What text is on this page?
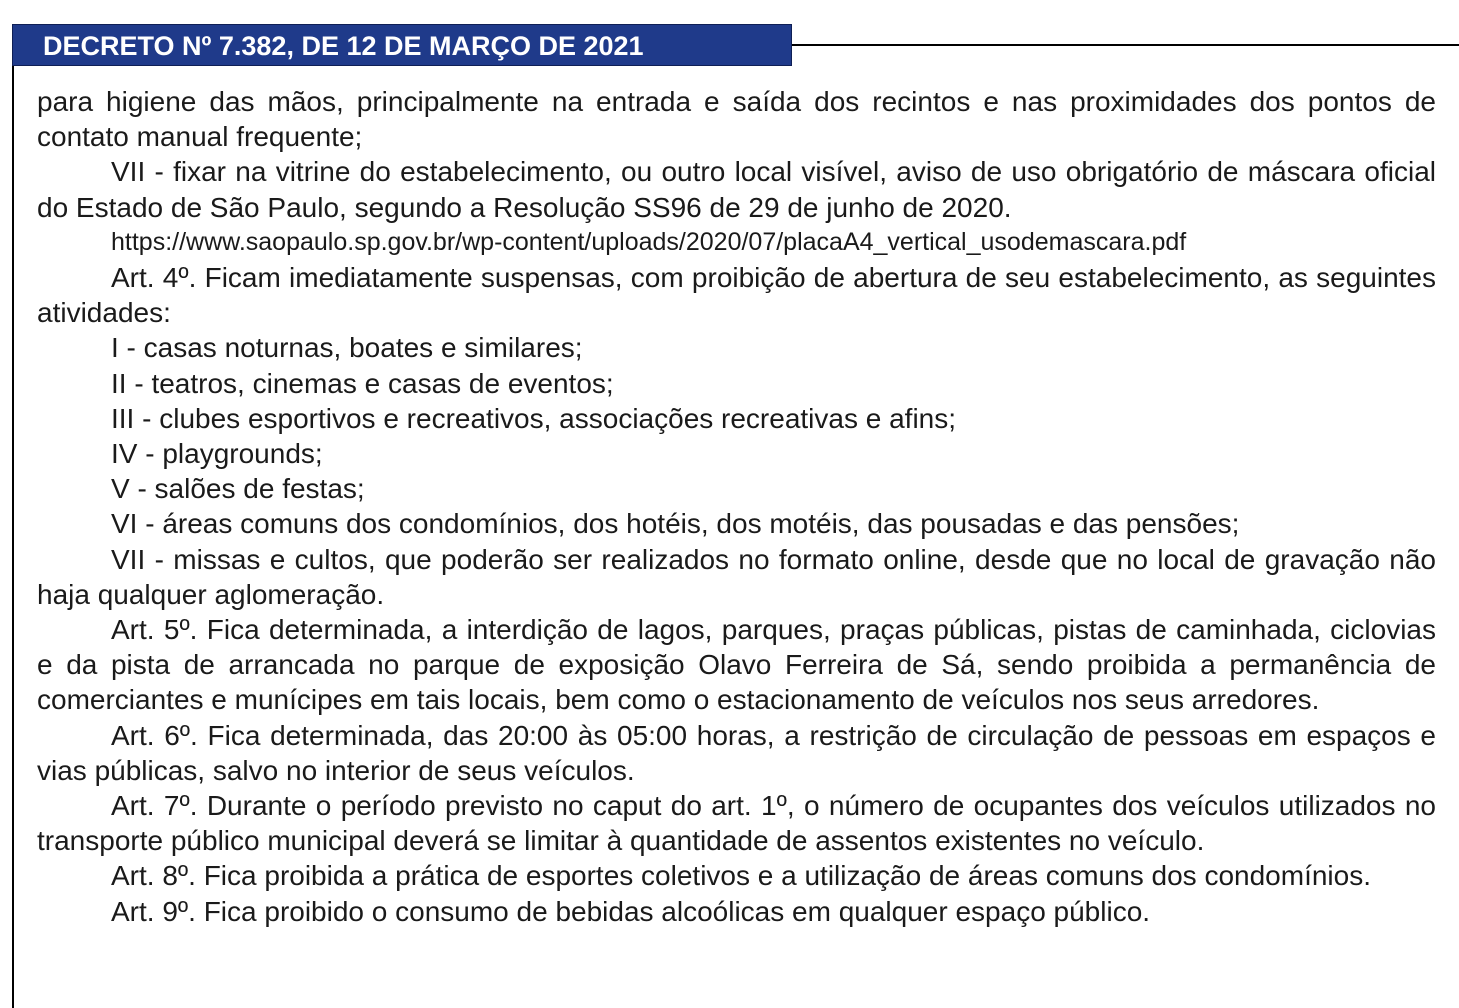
DECRETO Nº 7.382, DE 12 DE MARÇO DE 2021

para higiene das mãos, principalmente na entrada e saída dos recintos e nas proximidades dos pontos de contato manual frequente;

VII - fixar na vitrine do estabelecimento, ou outro local visível, aviso de uso obrigatório de máscara oficial do Estado de São Paulo, segundo a Resolução SS96 de 29 de junho de 2020.

https://www.saopaulo.sp.gov.br/wp-content/uploads/2020/07/placaA4_vertical_usodemascara.pdf

Art. 4º. Ficam imediatamente suspensas, com proibição de abertura de seu estabelecimento, as seguintes atividades:

I - casas noturnas, boates e similares;

II - teatros, cinemas e casas de eventos;

III - clubes esportivos e recreativos, associações recreativas e afins;

IV - playgrounds;

V - salões de festas;

VI - áreas comuns dos condomínios, dos hotéis, dos motéis, das pousadas e das pensões;

VII - missas e cultos, que poderão ser realizados no formato online, desde que no local de gravação não haja qualquer aglomeração.

Art. 5º. Fica determinada, a interdição de lagos, parques, praças públicas, pistas de caminhada, ciclovias e da pista de arrancada no parque de exposição Olavo Ferreira de Sá, sendo proibida a permanência de comerciantes e munícipes em tais locais, bem como o estacionamento de veículos nos seus arredores.

Art. 6º. Fica determinada, das 20:00 às 05:00 horas, a restrição de circulação de pessoas em espaços e vias públicas, salvo no interior de seus veículos.

Art. 7º. Durante o período previsto no caput do art. 1º, o número de ocupantes dos veículos utilizados no transporte público municipal deverá se limitar à quantidade de assentos existentes no veículo.

Art. 8º. Fica proibida a prática de esportes coletivos e a utilização de áreas comuns dos condomínios.

Art. 9º. Fica proibido o consumo de bebidas alcoólicas em qualquer espaço público.
